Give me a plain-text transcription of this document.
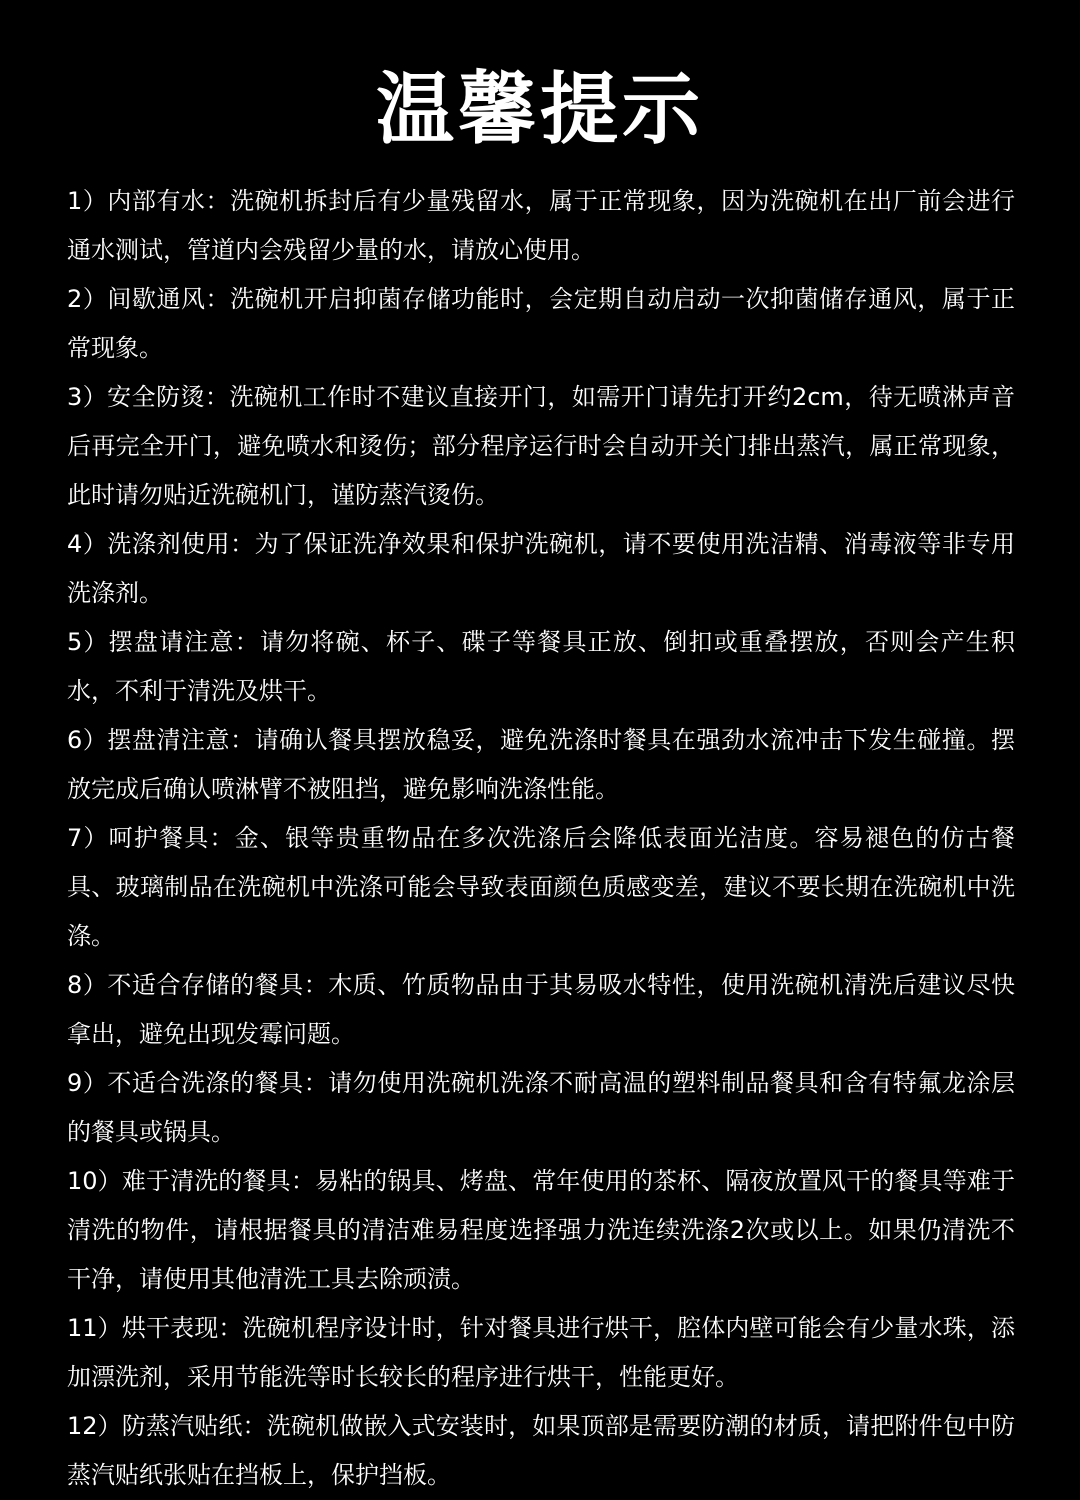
温馨提示
1）内部有水：洗碗机拆封后有少量残留水，属于正常现象，因为洗碗机在出厂前会进行通水测试，管道内会残留少量的水，请放心使用。
2）间歇通风：洗碗机开启抑菌存储功能时，会定期自动启动一次抑菌储存通风，属于正常现象。
3）安全防烫：洗碗机工作时不建议直接开门，如需开门请先打开约2cm，待无喷淋声音后再完全开门，避免喷水和烫伤；部分程序运行时会自动开关门排出蒸汽，属正常现象，此时请勿贴近洗碗机门，谨防蒸汽烫伤。
4）洗涤剂使用：为了保证洗净效果和保护洗碗机，请不要使用洗洁精、消毒液等非专用洗涤剂。
5）摆盘请注意：请勿将碗、杯子、碟子等餐具正放、倒扣或重叠摆放，否则会产生积水，不利于清洗及烘干。
6）摆盘清注意：请确认餐具摆放稳妥，避免洗涤时餐具在强劲水流冲击下发生碰撞。摆放完成后确认喷淋臂不被阻挡，避免影响洗涤性能。
7）呵护餐具：金、银等贵重物品在多次洗涤后会降低表面光洁度。容易褪色的仿古餐具、玻璃制品在洗碗机中洗涤可能会导致表面颜色质感变差，建议不要长期在洗碗机中洗涤。
8）不适合存储的餐具：木质、竹质物品由于其易吸水特性，使用洗碗机清洗后建议尽快拿出，避免出现发霉问题。
9）不适合洗涤的餐具：请勿使用洗碗机洗涤不耐高温的塑料制品餐具和含有特氟龙涂层的餐具或锅具。
10）难于清洗的餐具：易粘的锅具、烤盘、常年使用的茶杯、隔夜放置风干的餐具等难于清洗的物件，请根据餐具的清洁难易程度选择强力洗连续洗涤2次或以上。如果仍清洗不干净，请使用其他清洗工具去除顽渍。
11）烘干表现：洗碗机程序设计时，针对餐具进行烘干，腔体内壁可能会有少量水珠，添加漂洗剂，采用节能洗等时长较长的程序进行烘干，性能更好。
12）防蒸汽贴纸：洗碗机做嵌入式安装时，如果顶部是需要防潮的材质，请把附件包中防蒸汽贴纸张贴在挡板上，保护挡板。
